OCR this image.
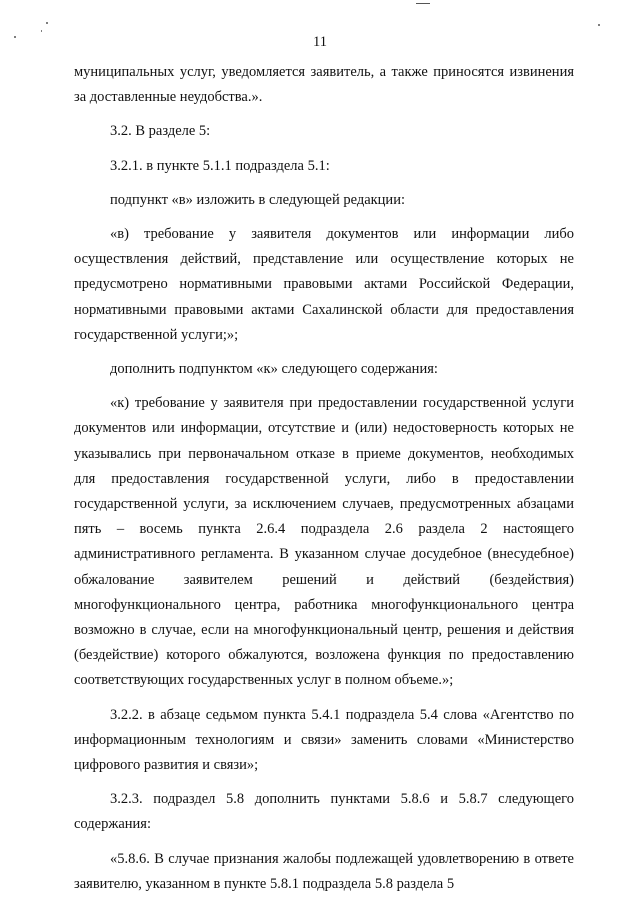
11

муниципальных услуг, уведомляется заявитель, а также приносятся извинения за доставленные неудобства.».

3.2. В разделе 5:

3.2.1. в пункте 5.1.1 подраздела 5.1:

подпункт «в» изложить в следующей редакции:

«в) требование у заявителя документов или информации либо осуществления действий, представление или осуществление которых не предусмотрено нормативными правовыми актами Российской Федерации, нормативными правовыми актами Сахалинской области для предоставления государственной услуги;»;

дополнить подпунктом «к» следующего содержания:

«к) требование у заявителя при предоставлении государственной услуги документов или информации, отсутствие и (или) недостоверность которых не указывались при первоначальном отказе в приеме документов, необходимых для предоставления государственной услуги, либо в предоставлении государственной услуги, за исключением случаев, предусмотренных абзацами пять – восемь пункта 2.6.4 подраздела 2.6 раздела 2 настоящего административного регламента. В указанном случае досудебное (внесудебное) обжалование заявителем решений и действий (бездействия) многофункционального центра, работника многофункционального центра возможно в случае, если на многофункциональный центр, решения и действия (бездействие) которого обжалуются, возложена функция по предоставлению соответствующих государственных услуг в полном объеме.»;

3.2.2. в абзаце седьмом пункта 5.4.1 подраздела 5.4 слова «Агентство по информационным технологиям и связи» заменить словами «Министерство цифрового развития и связи»;

3.2.3. подраздел 5.8 дополнить пунктами 5.8.6 и 5.8.7 следующего содержания:

«5.8.6. В случае признания жалобы подлежащей удовлетворению в ответе заявителю, указанном в пункте 5.8.1 подраздела 5.8 раздела 5
